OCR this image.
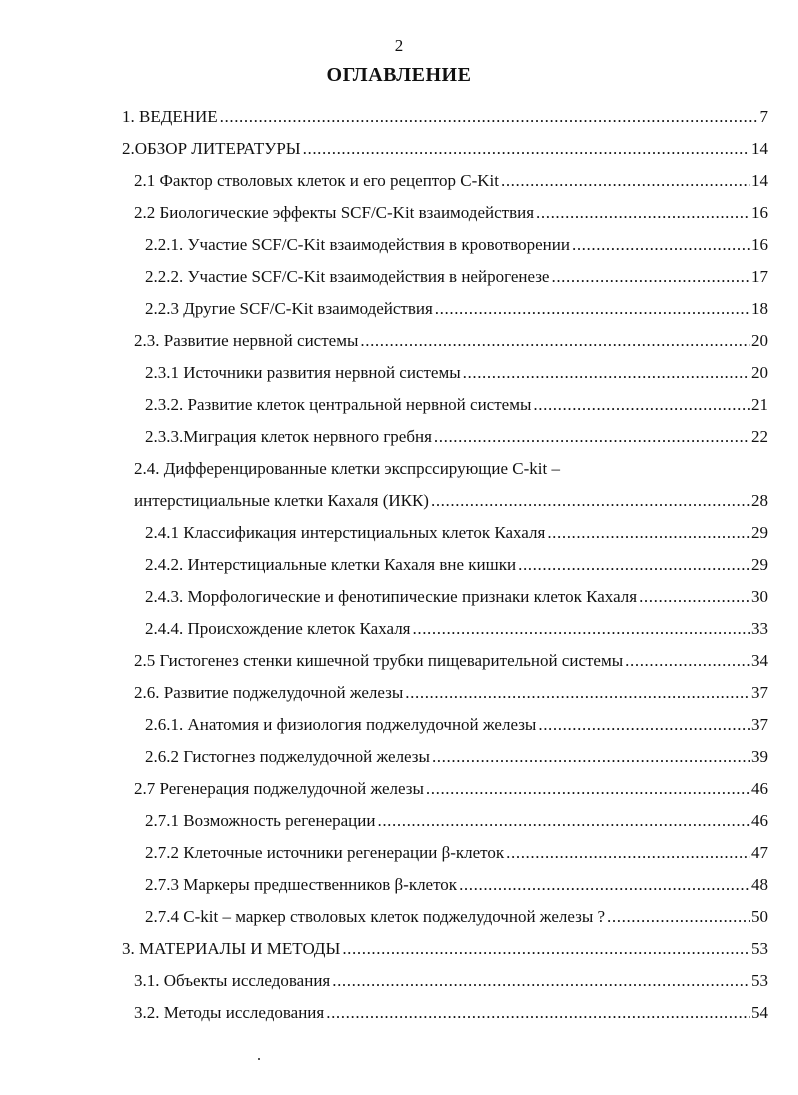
2
ОГЛАВЛЕНИЕ
1. ВЕДЕНИЕ .....	7
2.ОБЗОР ЛИТЕРАТУРЫ .....	14
2.1 Фактор стволовых клеток и его рецептор C-Kit .....	14
2.2 Биологические эффекты SCF/C-Kit взаимодействия .....	16
2.2.1. Участие SCF/C-Kit взаимодействия в кровотворении .....	16
2.2.2. Участие SCF/C-Kit взаимодействия в нейрогенезе .....	17
2.2.3 Другие SCF/C-Kit взаимодействия .....	18
2.3. Развитие нервной системы .....	20
2.3.1 Источники развития нервной системы .....	20
2.3.2. Развитие клеток центральной нервной системы .....	21
2.3.3.Миграция клеток нервного гребня .....	22
2.4. Дифференцированные клетки экспрссирующие C-kit –
интерстициальные клетки Кахаля (ИКК) .....	28
2.4.1 Классификация интерстициальных клеток Кахаля .....	29
2.4.2. Интерстициальные клетки Кахаля вне кишки .....	29
2.4.3. Морфологические и фенотипические признаки клеток Кахаля .....	30
2.4.4. Происхождение клеток Кахаля .....	33
2.5 Гистогенез стенки кишечной трубки пищеварительной системы .....	34
2.6. Развитие поджелудочной железы .....	37
2.6.1. Анатомия и физиология поджелудочной железы .....	37
2.6.2 Гистогнез поджелудочной железы .....	39
2.7 Регенерация поджелудочной железы .....	46
2.7.1 Возможность регенерации .....	46
2.7.2 Клеточные источники регенерации β-клеток .....	47
2.7.3 Маркеры предшественников β-клеток .....	48
2.7.4 C-kit – маркер стволовых клеток поджелудочной железы ? .....	50
3. МАТЕРИАЛЫ И МЕТОДЫ .....	53
3.1. Объекты исследования .....	53
3.2. Методы исследования .....	54
